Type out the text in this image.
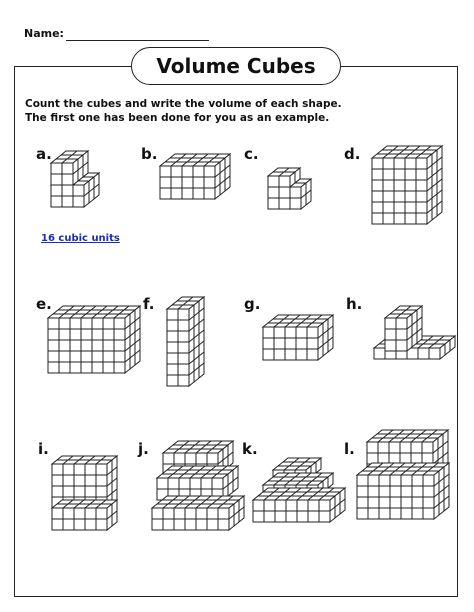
Name:
Volume Cubes
Count the cubes and write the volume of each shape.
The first one has been done for you as an example.
a.	b.	c.	d.
e.	f.	g.	h.
i.	j.	k.	l.
16 cubic units
